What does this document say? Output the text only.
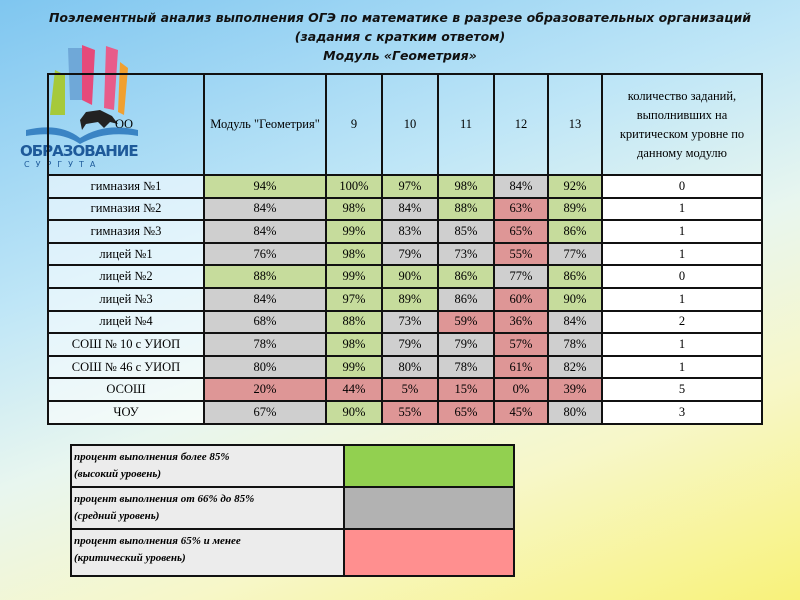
Поэлементный анализ выполнения ОГЭ по математике в разрезе образовательных организаций
(задания с кратким ответом)
Модуль «Геометрия»
ОБРАЗОВАНИЕ
СУРГУТА
ОО	Модуль "Геометрия"	9	10	11	12	13	количество заданий, выполнивших на критическом уровне по данному модулю
гимназия №1	94%	100%	97%	98%	84%	92%	0
гимназия №2	84%	98%	84%	88%	63%	89%	1
гимназия №3	84%	99%	83%	85%	65%	86%	1
лицей №1	76%	98%	79%	73%	55%	77%	1
лицей №2	88%	99%	90%	86%	77%	86%	0
лицей №3	84%	97%	89%	86%	60%	90%	1
лицей №4	68%	88%	73%	59%	36%	84%	2
СОШ № 10 с УИОП	78%	98%	79%	79%	57%	78%	1
СОШ № 46 с УИОП	80%	99%	80%	78%	61%	82%	1
ОСОШ	20%	44%	5%	15%	0%	39%	5
ЧОУ	67%	90%	55%	65%	45%	80%	3
процент выполнения более 85%
(высокий уровень)	

процент выполнения от 66% до 85%
(средний уровень)	

процент выполнения 65% и менее
(критический уровень)	
